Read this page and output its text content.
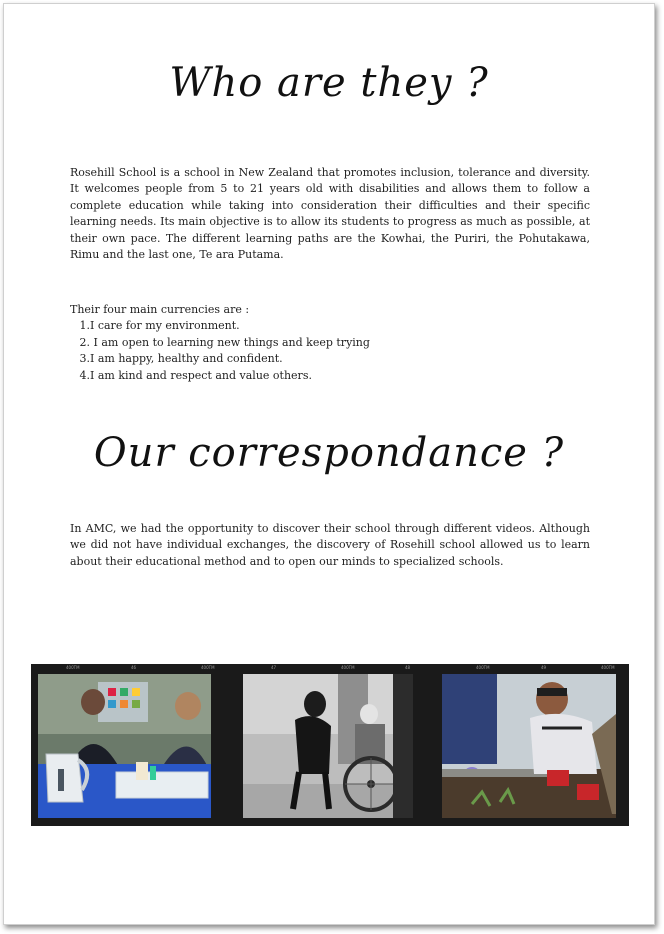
Who are they ?

Rosehill School is a school in New Zealand that promotes inclusion, tolerance and diversity. It welcomes people from 5 to 21 years old with disabilities and allows them to follow a complete education while taking into consideration their difficulties and their specific learning needs. Its main objective is to allow its students to progress as much as possible, at their own pace. The different learning paths are the Kowhai, the Puriri, the Pohutakawa, Rimu and the last one, Te ara Putama.

Their four main currencies are :

1.I care for my environment.
2. I am open to learning new things and keep trying
3.I am happy, healthy and confident.
4.I am kind and respect and value others.
Our correspondance ?

In AMC, we had the opportunity to discover their school through different videos. Although we did not have individual exchanges, the discovery of Rosehill school allowed us to learn about their educational method and to open our minds to specialized schools.

400TM	46	400TM	47	400TM	48	400TM	49	400TM
